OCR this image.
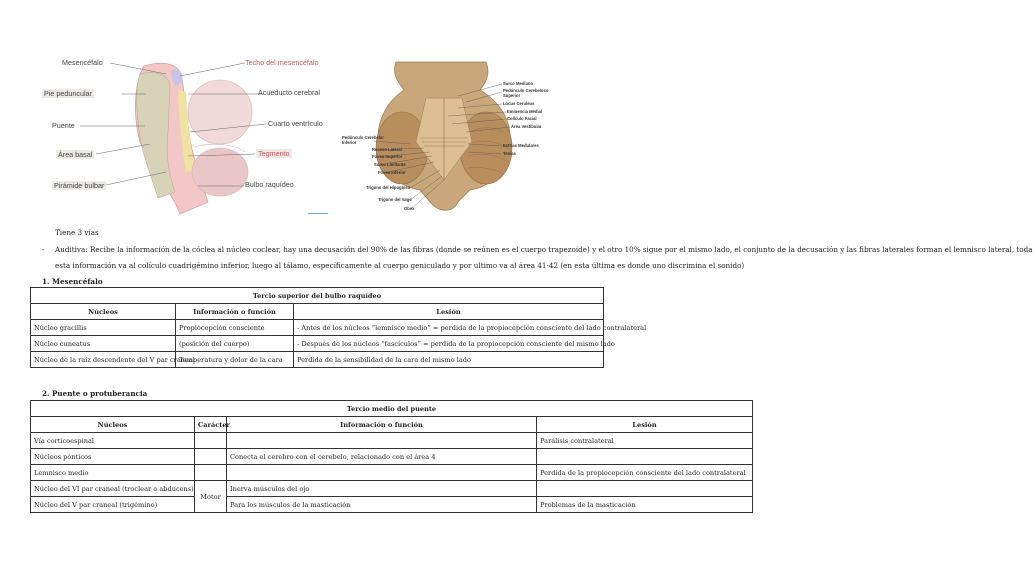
Mesencéfalo	Techo del mesencéfalo
Pie peduncular	Acueducto cerebral
Puente	Cuarto ventrículo
Área basal	Tegmento
Pirámide bulbar	Bulbo raquídeo
Surco Mediano
Pedúnculo Cerebeloso
Superior
Locus Ceruleus
Eminencia Medial
Colículo Facial
Área Vestibular
Pedúnculo Cerebelar
Inferior
Receso Lateral
Fovea Superior
Surco Limitante
Fovea Inferior
Estrías Medulares
Tenias
Trígono del Hipogloso
Trígono del Vago
Obex
Tiene 3 vías
- Auditiva: Recibe la información de la cóclea al núcleo coclear, hay una decusación del 90% de las fibras (donde se reúnen es el cuerpo trapezoide) y el otro 10% sigue por el mismo lado, el conjunto de la decusación y las fibras laterales forman el lemnisco lateral, toda
esta información va al colículo cuadrigémino inferior, luego al tálamo, específicamente al cuerpo geniculado y por ultimo va al área 41-42 (en esta última es donde uno discrimina el sonido)
1. Mesencéfalo
Tercio superior del bulbo raquídeo		
Núcleos	Información o función	Lesión
Núcleo gracillis	Propiocepción consciente	- Antes de los núcleos “lemnisco medio” = perdida de la propiocepción consciente del lado contralateral
Núcleo cuneatus	(posición del cuerpo)	- Después de los núcleos “fascículos” = perdida de la propiocepción consciente del mismo lado
Núcleo de la raíz descendente del V par craneal	Temperatura y dolor de la cara	Perdida de la sensibilidad de la cara del mismo lado
2. Puente o protuberancia
Tercio medio del puente			
Núcleos	Carácter	Información o función	Lesión
Vía corticoespinal			Parálisis contralateral
Núcleos pónticos		Conecta el cerebro con el cerebelo, relacionado con el área 4	
Lemnisco medio			Perdida de la propiocepción consciente del lado contralateral
Núcleo del VI par craneal (troclear o abducens)	Motor	Inerva músculos del ojo	
Núcleo del V par craneal (trigémino)		Para los músculos de la masticación	Problemas de la masticación
